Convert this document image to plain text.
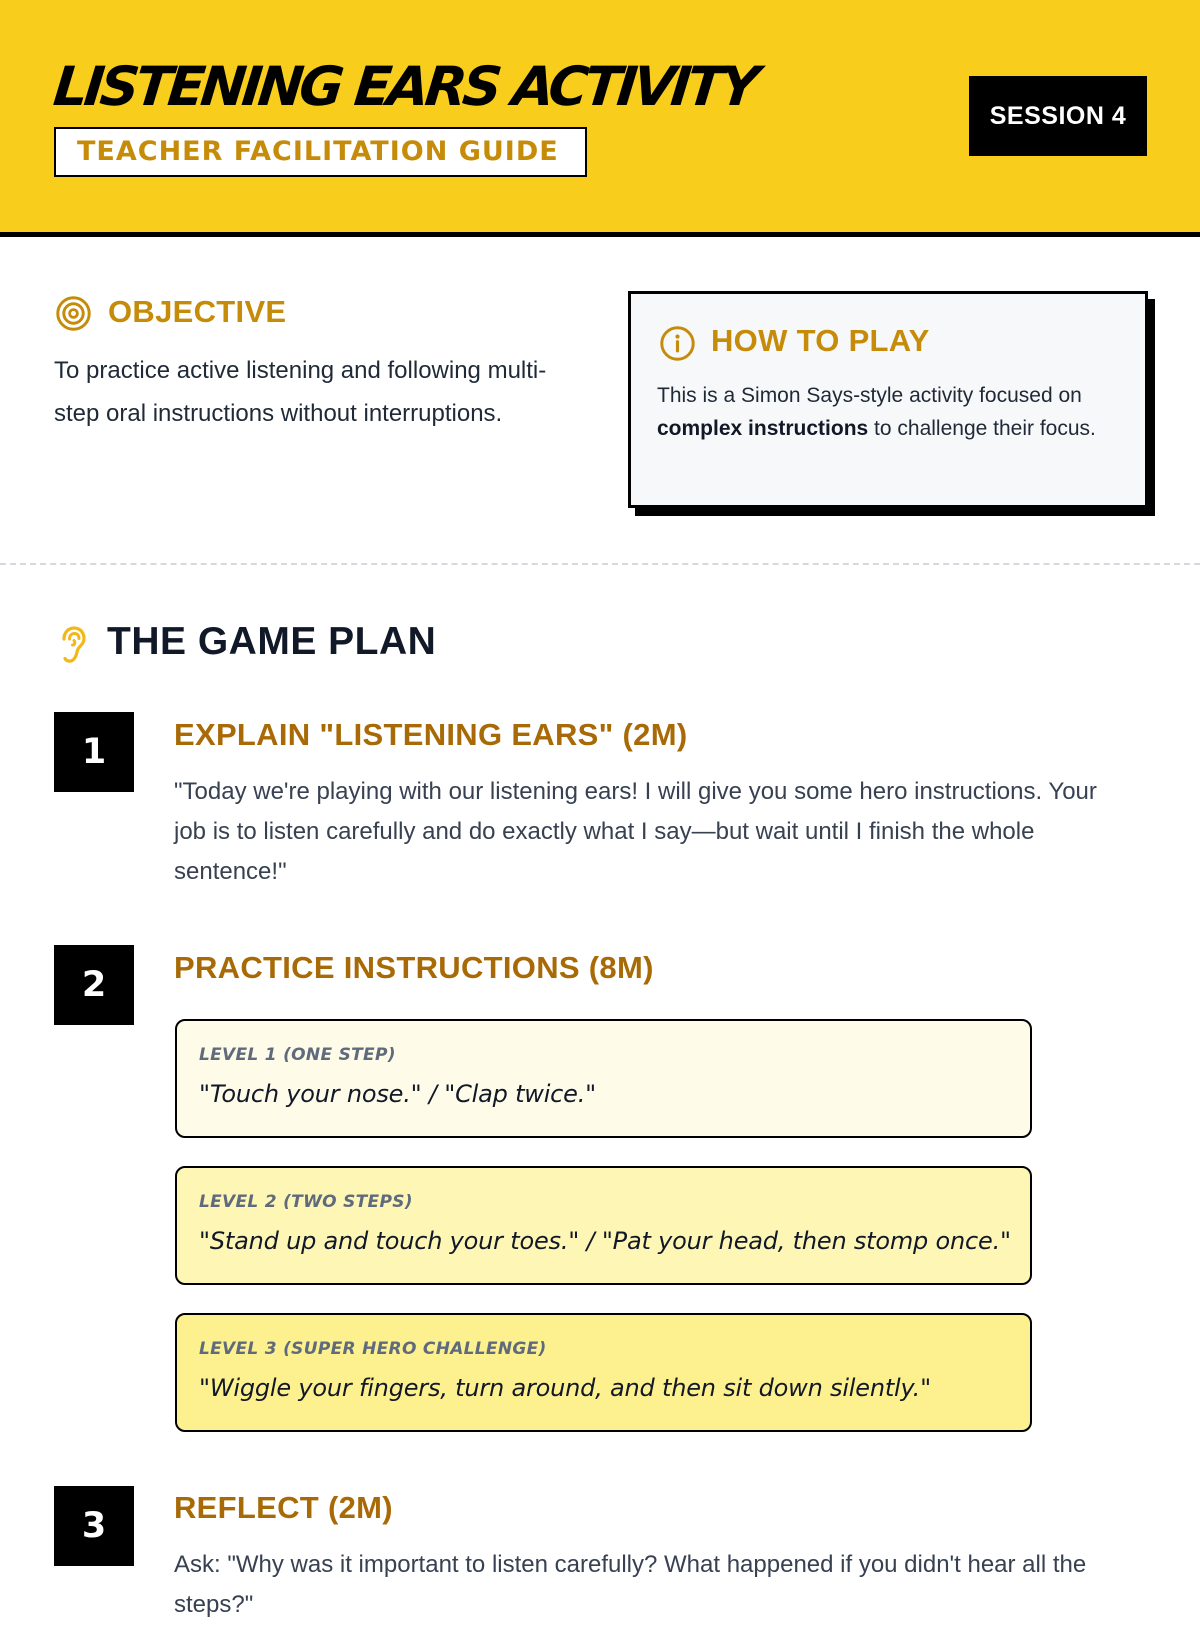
LISTENING EARS ACTIVITY
TEACHER FACILITATION GUIDE
SESSION 4
OBJECTIVE
To practice active listening and following multi-step oral instructions without interruptions.
HOW TO PLAY
This is a Simon Says-style activity focused on complex instructions to challenge their focus.
THE GAME PLAN
1	EXPLAIN "LISTENING EARS" (2M)
"Today we're playing with our listening ears! I will give you some hero instructions. Your job is to listen carefully and do exactly what I say—but wait until I finish the whole sentence!"
2	PRACTICE INSTRUCTIONS (8M)
LEVEL 1 (ONE STEP)
"Touch your nose." / "Clap twice."
LEVEL 2 (TWO STEPS)
"Stand up and touch your toes." / "Pat your head, then stomp once."
LEVEL 3 (SUPER HERO CHALLENGE)
"Wiggle your fingers, turn around, and then sit down silently."
3	REFLECT (2M)
Ask: "Why was it important to listen carefully? What happened if you didn't hear all the steps?"
